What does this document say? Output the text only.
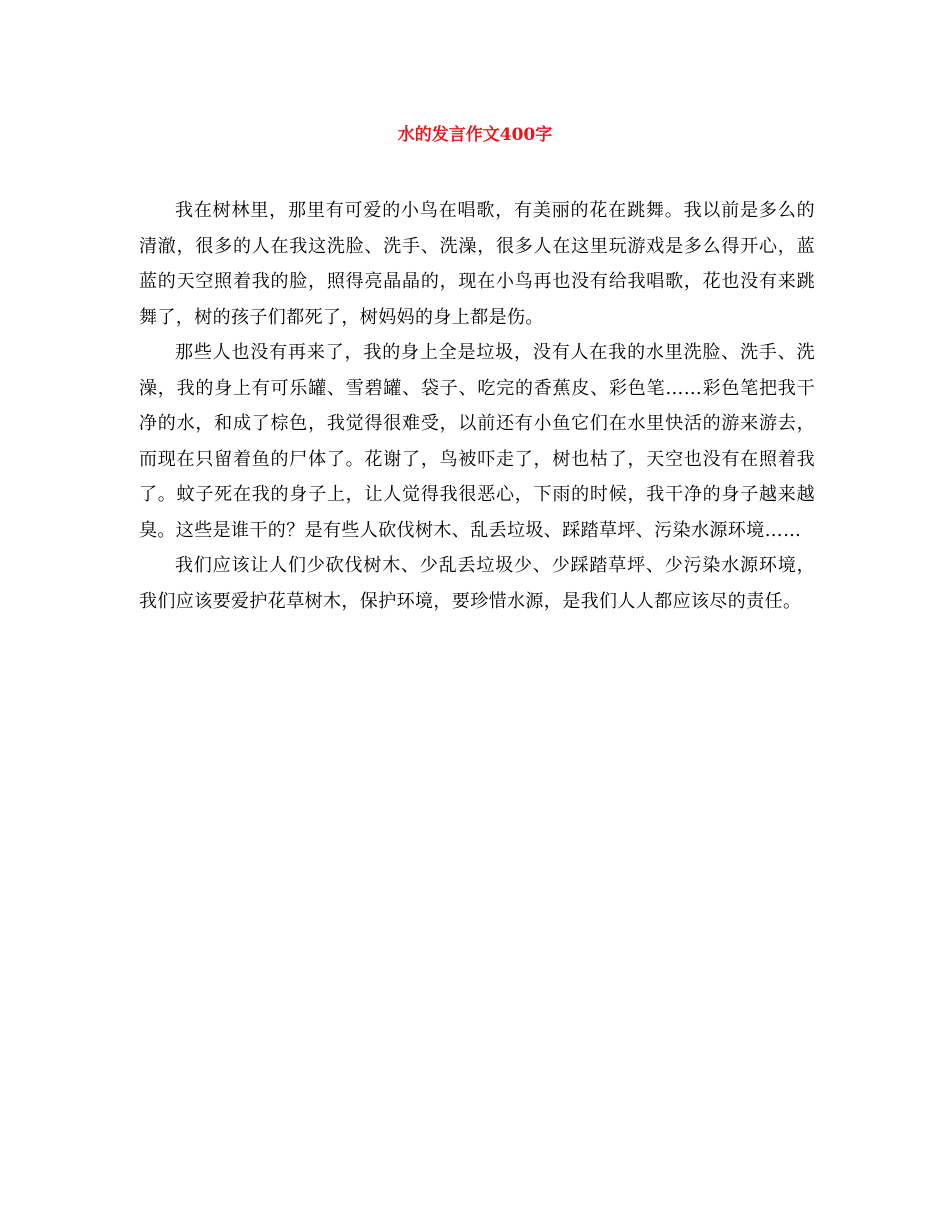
水的发言作文400字

我在树林里，那里有可爱的小鸟在唱歌，有美丽的花在跳舞。我以前是多么的清澈，很多的人在我这洗脸、洗手、洗澡，很多人在这里玩游戏是多么得开心，蓝蓝的天空照着我的脸，照得亮晶晶的，现在小鸟再也没有给我唱歌，花也没有来跳舞了，树的孩子们都死了，树妈妈的身上都是伤。

那些人也没有再来了，我的身上全是垃圾，没有人在我的水里洗脸、洗手、洗澡，我的身上有可乐罐、雪碧罐、袋子、吃完的香蕉皮、彩色笔……彩色笔把我干净的水，和成了棕色，我觉得很难受，以前还有小鱼它们在水里快活的游来游去，而现在只留着鱼的尸体了。花谢了，鸟被吓走了，树也枯了，天空也没有在照着我了。蚊子死在我的身子上，让人觉得我很恶心，下雨的时候，我干净的身子越来越臭。这些是谁干的？是有些人砍伐树木、乱丢垃圾、踩踏草坪、污染水源环境……

我们应该让人们少砍伐树木、少乱丢垃圾少、少踩踏草坪、少污染水源环境，我们应该要爱护花草树木，保护环境，要珍惜水源，是我们人人都应该尽的责任。
